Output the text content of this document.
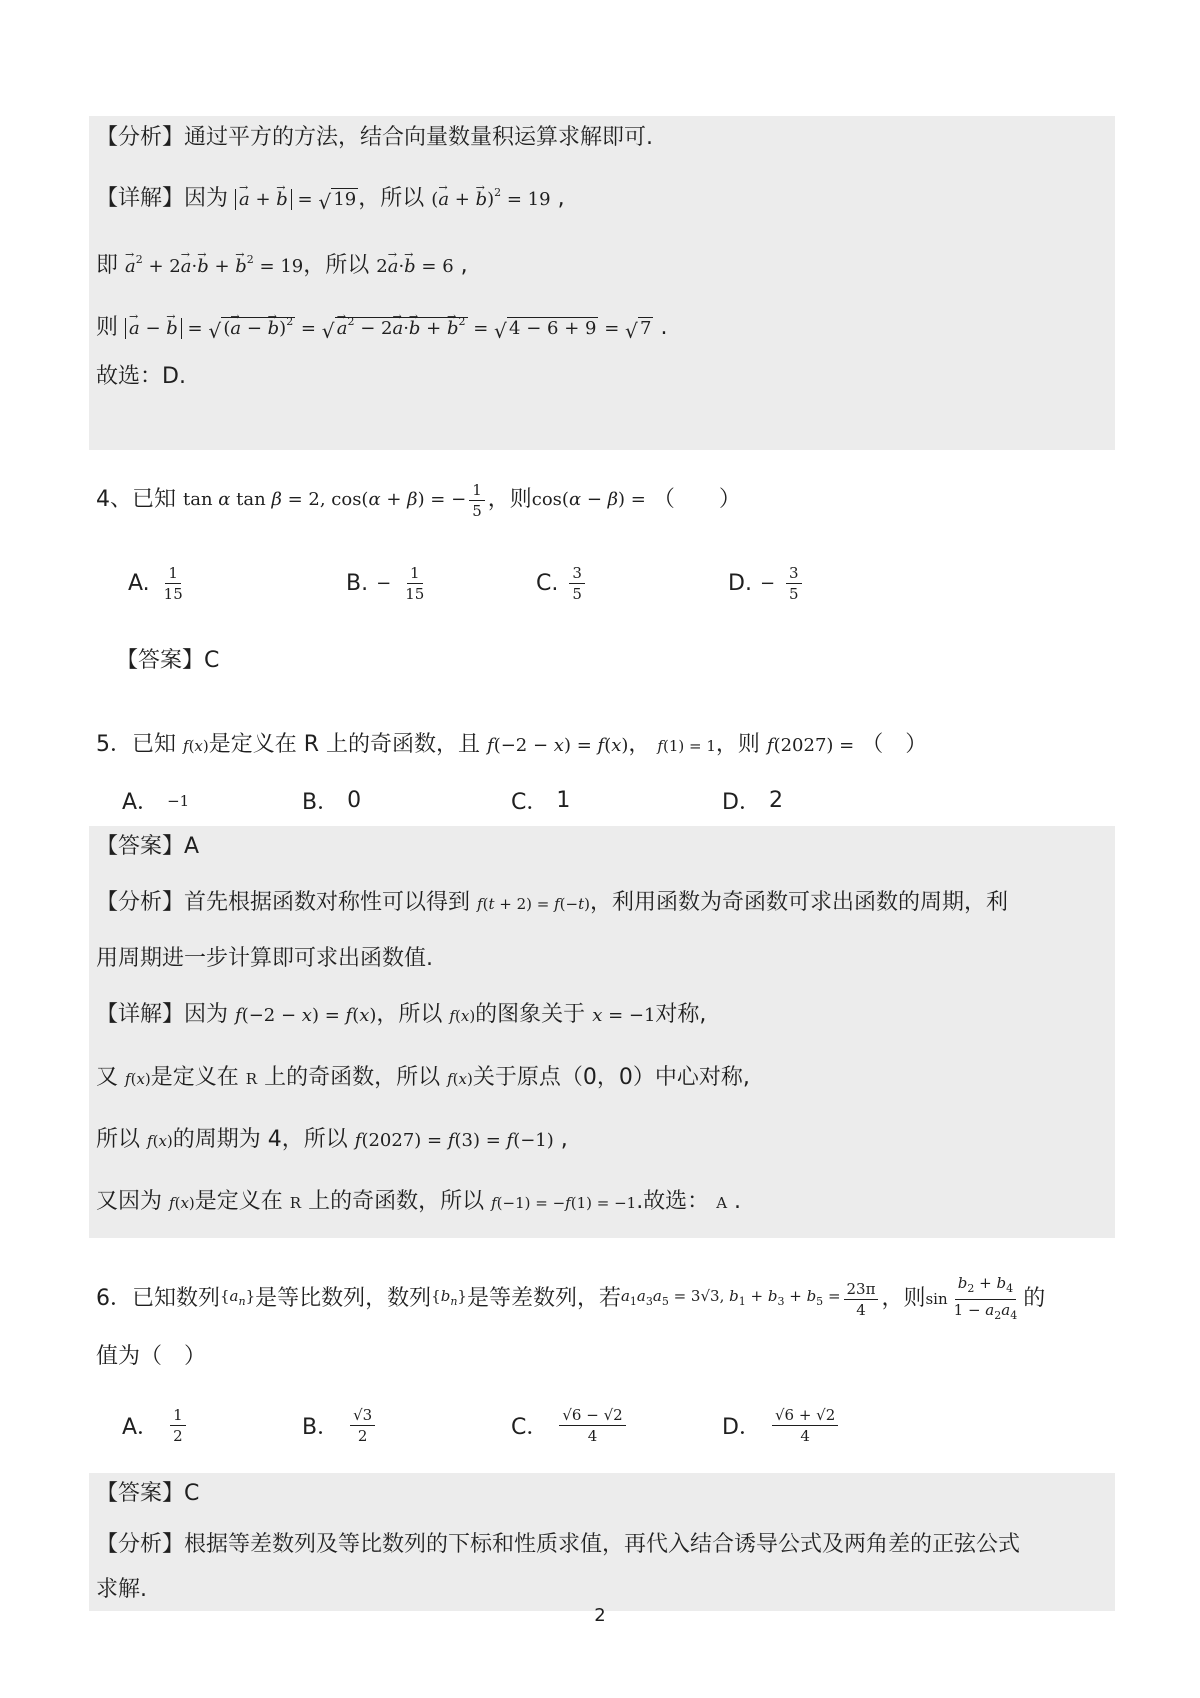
【分析】通过平方的方法，结合向量数量积运算求解即可.
【详解】因为 → a + → b = √ 19，所以 (→ a + → b)$^2$ = 19 ,
即 → $a^2 + 2\to a\cdot\to b$ + → $b^2 = 19$，所以 2→ a·→ b = 6 ,
则 → a − → b = √ (→ a − → b)$^2$ = √ → $a^2 - 2\to a\cdot\to b$ + → $b^2$ = √ 4 − 6 + 9 = √ 7 .
故选：D.
4、已知
tan α tan β = 2, cos(α + β) = − $\frac{1}{5}$ ，则 cos(α − β) =
（　　）
A. $\frac{1}{15}$	B. − $\frac{1}{15}$	C. $\frac{3}{5}$	D. − $\frac{3}{5}$
【答案】C
5．已知 f(x)是定义在 R 上的奇函数，且 f(−2 − x) = f(x)， f(1) = 1，则 f(2027) = （　）
A． −1	B． 0	C． 1	D． 2
【答案】A
【分析】首先根据函数对称性可以得到 f(t + 2) = f(−t)，利用函数为奇函数可求出函数的周期，利
用周期进一步计算即可求出函数值.
【详解】因为 f(−2 − x) = f(x)，所以 f(x)的图象关于 x = −1对称,
又 f(x)是定义在 R 上的奇函数，所以 f(x)关于原点（0，0）中心对称,
所以 f(x)的周期为 4，所以 f(2027) = f(3) = f(−1) ,
又因为 f(x)是定义在 R 上的奇函数，所以 f(−1) = −f(1) = −1.故选： A .
6．已知数列 $\{a_n\}$ 是等比数列，数列 $\{b_n\}$ 是等差数列，若 $a_1a_3a_5 = 3√3$, $b_1 + b_3 + b_5 = \frac{23\pi}{4}$ ，则 $\sin \frac{b_2 + b_4}{1 - a_2a_4}$ 的
值为（　）
A． $\frac{1}{2}$	B． $\frac{√3}{2}$	C． $\frac{√6 - √2}{4}$	D． $\frac{√6 + √2}{4}$
【答案】C
【分析】根据等差数列及等比数列的下标和性质求值，再代入结合诱导公式及两角差的正弦公式
求解.
2
